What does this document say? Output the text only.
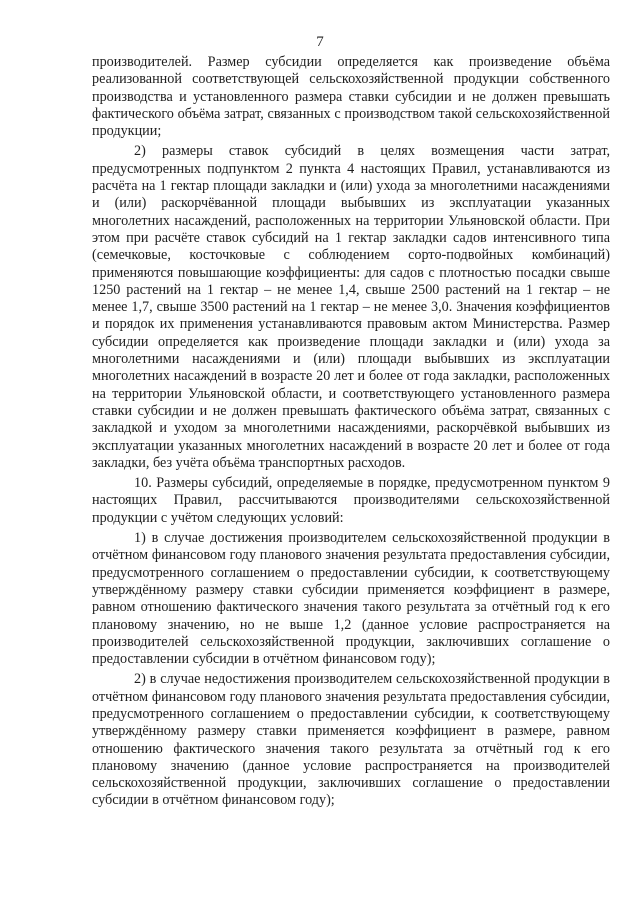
7

производителей. Размер субсидии определяется как произведение объёма реализованной соответствующей сельскохозяйственной продукции собственного производства и установленного размера ставки субсидии и не должен превышать фактического объёма затрат, связанных с производством такой сельскохозяйственной продукции;

2) размеры ставок субсидий в целях возмещения части затрат, предусмотренных подпунктом 2 пункта 4 настоящих Правил, устанавливаются из расчёта на 1 гектар площади закладки и (или) ухода за многолетними насаждениями и (или) раскорчёванной площади выбывших из эксплуатации указанных многолетних насаждений, расположенных на территории Ульяновской области. При этом при расчёте ставок субсидий на 1 гектар закладки садов интенсивного типа (семечковые, косточковые с соблюдением сорто-подвойных комбинаций) применяются повышающие коэффициенты: для садов с плотностью посадки свыше 1250 растений на 1 гектар – не менее 1,4, свыше 2500 растений на 1 гектар – не менее 1,7, свыше 3500 растений на 1 гектар – не менее 3,0. Значения коэффициентов и порядок их применения устанавливаются правовым актом Министерства. Размер субсидии определяется как произведение площади закладки и (или) ухода за многолетними насаждениями и (или) площади выбывших из эксплуатации многолетних насаждений в возрасте 20 лет и более от года закладки, расположенных на территории Ульяновской области, и соответствующего установленного размера ставки субсидии и не должен превышать фактического объёма затрат, связанных с закладкой и уходом за многолетними насаждениями, раскорчёвкой выбывших из эксплуатации указанных многолетних насаждений в возрасте 20 лет и более от года закладки, без учёта объёма транспортных расходов.

10. Размеры субсидий, определяемые в порядке, предусмотренном пунктом 9 настоящих Правил, рассчитываются производителями сельскохозяйственной продукции с учётом следующих условий:

1) в случае достижения производителем сельскохозяйственной продукции в отчётном финансовом году планового значения результата предоставления субсидии, предусмотренного соглашением о предоставлении субсидии, к соответствующему утверждённому размеру ставки субсидии применяется коэффициент в размере, равном отношению фактического значения такого результата за отчётный год к его плановому значению, но не выше 1,2 (данное условие распространяется на производителей сельскохозяйственной продукции, заключивших соглашение о предоставлении субсидии в отчётном финансовом году);

2) в случае недостижения производителем сельскохозяйственной продукции в отчётном финансовом году планового значения результата предоставления субсидии, предусмотренного соглашением о предоставлении субсидии, к соответствующему утверждённому размеру ставки применяется коэффициент в размере, равном отношению фактического значения такого результата за отчётный год к его плановому значению (данное условие распространяется на производителей сельскохозяйственной продукции, заключивших соглашение о предоставлении субсидии в отчётном финансовом году);
